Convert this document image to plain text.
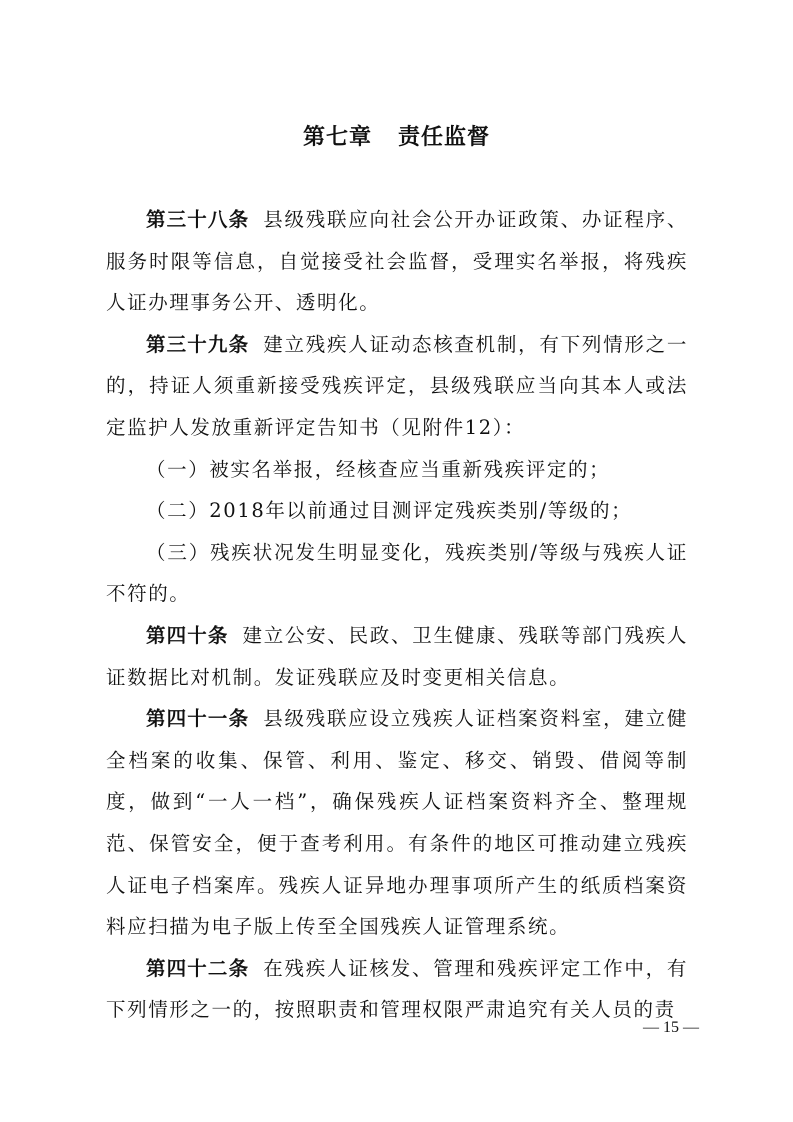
第七章 责任监督

第三十八条 县级残联应向社会公开办证政策、办证程序、服务时限等信息，自觉接受社会监督，受理实名举报，将残疾人证办理事务公开、透明化。

第三十九条 建立残疾人证动态核查机制，有下列情形之一的，持证人须重新接受残疾评定，县级残联应当向其本人或法定监护人发放重新评定告知书（见附件12）：

（一）被实名举报，经核查应当重新残疾评定的；

（二）2018年以前通过目测评定残疾类别/等级的；

（三）残疾状况发生明显变化，残疾类别/等级与残疾人证不符的。

第四十条 建立公安、民政、卫生健康、残联等部门残疾人证数据比对机制。发证残联应及时变更相关信息。

第四十一条 县级残联应设立残疾人证档案资料室，建立健全档案的收集、保管、利用、鉴定、移交、销毁、借阅等制度，做到“一人一档”，确保残疾人证档案资料齐全、整理规范、保管安全，便于查考利用。有条件的地区可推动建立残疾人证电子档案库。残疾人证异地办理事项所产生的纸质档案资料应扫描为电子版上传至全国残疾人证管理系统。

第四十二条 在残疾人证核发、管理和残疾评定工作中，有下列情形之一的，按照职责和管理权限严肃追究有关人员的责

— 15 —
